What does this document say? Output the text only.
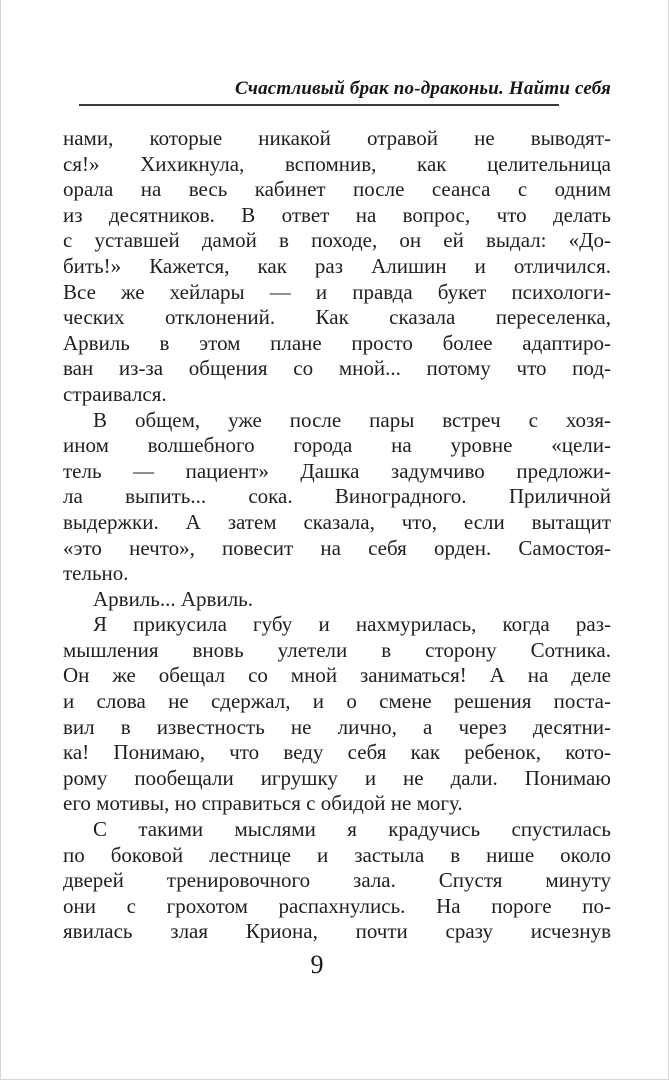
Счастливый брак по-драконьи. Найти себя
нами, которые никакой отравой не выводят-
ся!» Хихикнула, вспомнив, как целительница
орала на весь кабинет после сеанса с одним
из десятников. В ответ на вопрос, что делать
с уставшей дамой в походе, он ей выдал: «До-
бить!» Кажется, как раз Алишин и отличился.
Все же хейлары — и правда букет психологи-
ческих отклонений. Как сказала переселенка,
Арвиль в этом плане просто более адаптиро-
ван из-за общения со мной... потому что под-
страивался.
В общем, уже после пары встреч с хозя-
ином волшебного города на уровне «цели-
тель — пациент» Дашка задумчиво предложи-
ла выпить... сока. Виноградного. Приличной
выдержки. А затем сказала, что, если вытащит
«это нечто», повесит на себя орден. Самостоя-
тельно.
Арвиль... Арвиль.
Я прикусила губу и нахмурилась, когда раз-
мышления вновь улетели в сторону Сотника.
Он же обещал со мной заниматься! А на деле
и слова не сдержал, и о смене решения поста-
вил в известность не лично, а через десятни-
ка! Понимаю, что веду себя как ребенок, кото-
рому пообещали игрушку и не дали. Понимаю
его мотивы, но справиться с обидой не могу.
С такими мыслями я крадучись спустилась
по боковой лестнице и застыла в нише около
дверей тренировочного зала. Спустя минуту
они с грохотом распахнулись. На пороге по-
явилась злая Криона, почти сразу исчезнув
9
